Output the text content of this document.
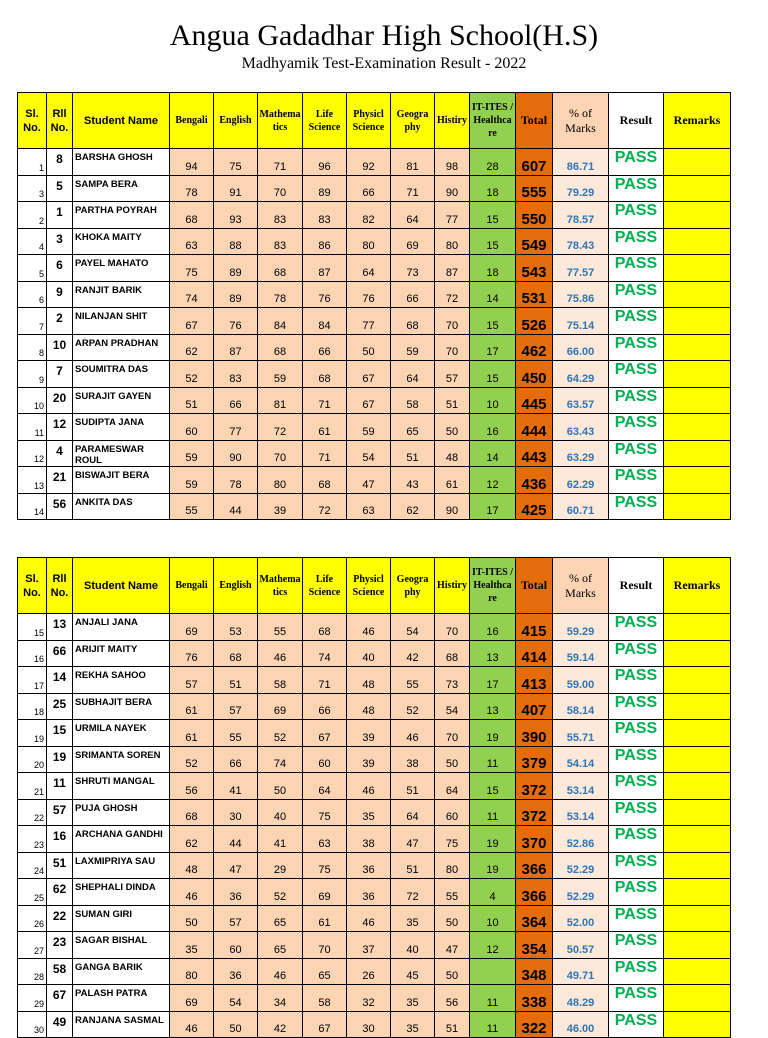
Angua Gadadhar High School(H.S)
Madhyamik Test-Examination Result - 2022
Sl. No.	Rll No.	Student Name	Bengali	English	Mathema tics	Life Science	Physicl Science	Geogra phy	Histiry	IT-ITES / Healthca re	Total	% of Marks	Result	Remarks
1	8	BARSHA GHOSH	94	75	71	96	92	81	98	28	607	86.71	PASS	
3	5	SAMPA BERA	78	91	70	89	66	71	90	18	555	79.29	PASS	
2	1	PARTHA POYRAH	68	93	83	83	82	64	77	15	550	78.57	PASS	
4	3	KHOKA MAITY	63	88	83	86	80	69	80	15	549	78.43	PASS	
5	6	PAYEL MAHATO	75	89	68	87	64	73	87	18	543	77.57	PASS	
6	9	RANJIT BARIK	74	89	78	76	76	66	72	14	531	75.86	PASS	
7	2	NILANJAN SHIT	67	76	84	84	77	68	70	15	526	75.14	PASS	
8	10	ARPAN PRADHAN	62	87	68	66	50	59	70	17	462	66.00	PASS	
9	7	SOUMITRA DAS	52	83	59	68	67	64	57	15	450	64.29	PASS	
10	20	SURAJIT GAYEN	51	66	81	71	67	58	51	10	445	63.57	PASS	
11	12	SUDIPTA JANA	60	77	72	61	59	65	50	16	444	63.43	PASS	
12	4	PARAMESWAR ROUL	59	90	70	71	54	51	48	14	443	63.29	PASS	
13	21	BISWAJIT BERA	59	78	80	68	47	43	61	12	436	62.29	PASS	
14	56	ANKITA DAS	55	44	39	72	63	62	90	17	425	60.71	PASS	
Sl. No.	Rll No.	Student Name	Bengali	English	Mathema tics	Life Science	Physicl Science	Geogra phy	Histiry	IT-ITES / Healthca re	Total	% of Marks	Result	Remarks
15	13	ANJALI JANA	69	53	55	68	46	54	70	16	415	59.29	PASS	
16	66	ARIJIT MAITY	76	68	46	74	40	42	68	13	414	59.14	PASS	
17	14	REKHA SAHOO	57	51	58	71	48	55	73	17	413	59.00	PASS	
18	25	SUBHAJIT BERA	61	57	69	66	48	52	54	13	407	58.14	PASS	
19	15	URMILA NAYEK	61	55	52	67	39	46	70	19	390	55.71	PASS	
20	19	SRIMANTA SOREN	52	66	74	60	39	38	50	11	379	54.14	PASS	
21	11	SHRUTI MANGAL	56	41	50	64	46	51	64	15	372	53.14	PASS	
22	57	PUJA GHOSH	68	30	40	75	35	64	60	11	372	53.14	PASS	
23	16	ARCHANA GANDHI	62	44	41	63	38	47	75	19	370	52.86	PASS	
24	51	LAXMIPRIYA SAU	48	47	29	75	36	51	80	19	366	52.29	PASS	
25	62	SHEPHALI DINDA	46	36	52	69	36	72	55	4	366	52.29	PASS	
26	22	SUMAN GIRI	50	57	65	61	46	35	50	10	364	52.00	PASS	
27	23	SAGAR BISHAL	35	60	65	70	37	40	47	12	354	50.57	PASS	
28	58	GANGA BARIK	80	36	46	65	26	45	50		348	49.71	PASS	
29	67	PALASH PATRA	69	54	34	58	32	35	56	11	338	48.29	PASS	
30	49	RANJANA SASMAL	46	50	42	67	30	35	51	11	322	46.00	PASS	
